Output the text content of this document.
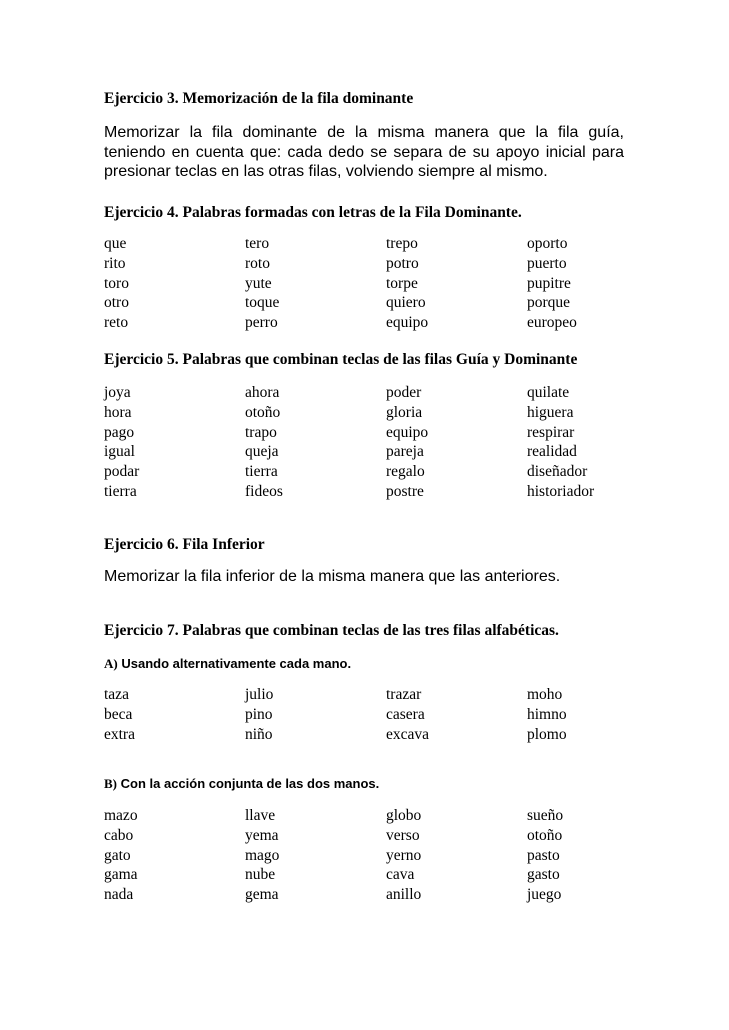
Ejercicio 3. Memorización de la fila dominante

Memorizar la fila dominante de la misma manera que la fila guía, teniendo en cuenta que: cada dedo se separa de su apoyo inicial para presionar teclas en las otras filas, volviendo siempre al mismo.

Ejercicio 4. Palabras formadas con letras de la Fila Dominante.
que	tero	trepo	oporto
rito	roto	potro	puerto
toro	yute	torpe	pupitre
otro	toque	quiero	porque
reto	perro	equipo	europeo
Ejercicio 5. Palabras que combinan teclas de las filas Guía y Dominante
joya	ahora	poder	quilate
hora	otoño	gloria	higuera
pago	trapo	equipo	respirar
igual	queja	pareja	realidad
podar	tierra	regalo	diseñador
tierra	fideos	postre	historiador
Ejercicio 6. Fila Inferior

Memorizar la fila inferior de la misma manera que las anteriores.

Ejercicio 7. Palabras que combinan teclas de las tres filas alfabéticas.

A) Usando alternativamente cada mano.

taza	julio	trazar	moho
beca	pino	casera	himno
extra	niño	excava	plomo

B) Con la acción conjunta de las dos manos.

mazo	llave	globo	sueño
cabo	yema	verso	otoño
gato	mago	yerno	pasto
gama	nube	cava	gasto
nada	gema	anillo	juego
